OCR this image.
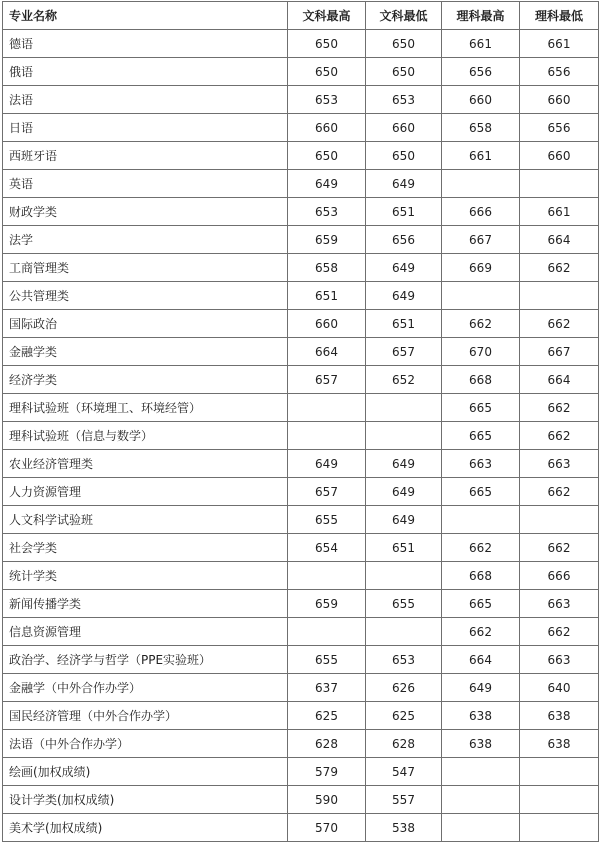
专业名称	文科最高	文科最低	理科最高	理科最低
德语	650	650	661	661
俄语	650	650	656	656
法语	653	653	660	660
日语	660	660	658	656
西班牙语	650	650	661	660
英语	649	649		
财政学类	653	651	666	661
法学	659	656	667	664
工商管理类	658	649	669	662
公共管理类	651	649		
国际政治	660	651	662	662
金融学类	664	657	670	667
经济学类	657	652	668	664
理科试验班（环境理工、环境经管）			665	662
理科试验班（信息与数学）			665	662
农业经济管理类	649	649	663	663
人力资源管理	657	649	665	662
人文科学试验班	655	649		
社会学类	654	651	662	662
统计学类			668	666
新闻传播学类	659	655	665	663
信息资源管理			662	662
政治学、经济学与哲学（PPE实验班）	655	653	664	663
金融学（中外合作办学）	637	626	649	640
国民经济管理（中外合作办学）	625	625	638	638
法语（中外合作办学）	628	628	638	638
绘画(加权成绩)	579	547		
设计学类(加权成绩)	590	557		
美术学(加权成绩)	570	538		
